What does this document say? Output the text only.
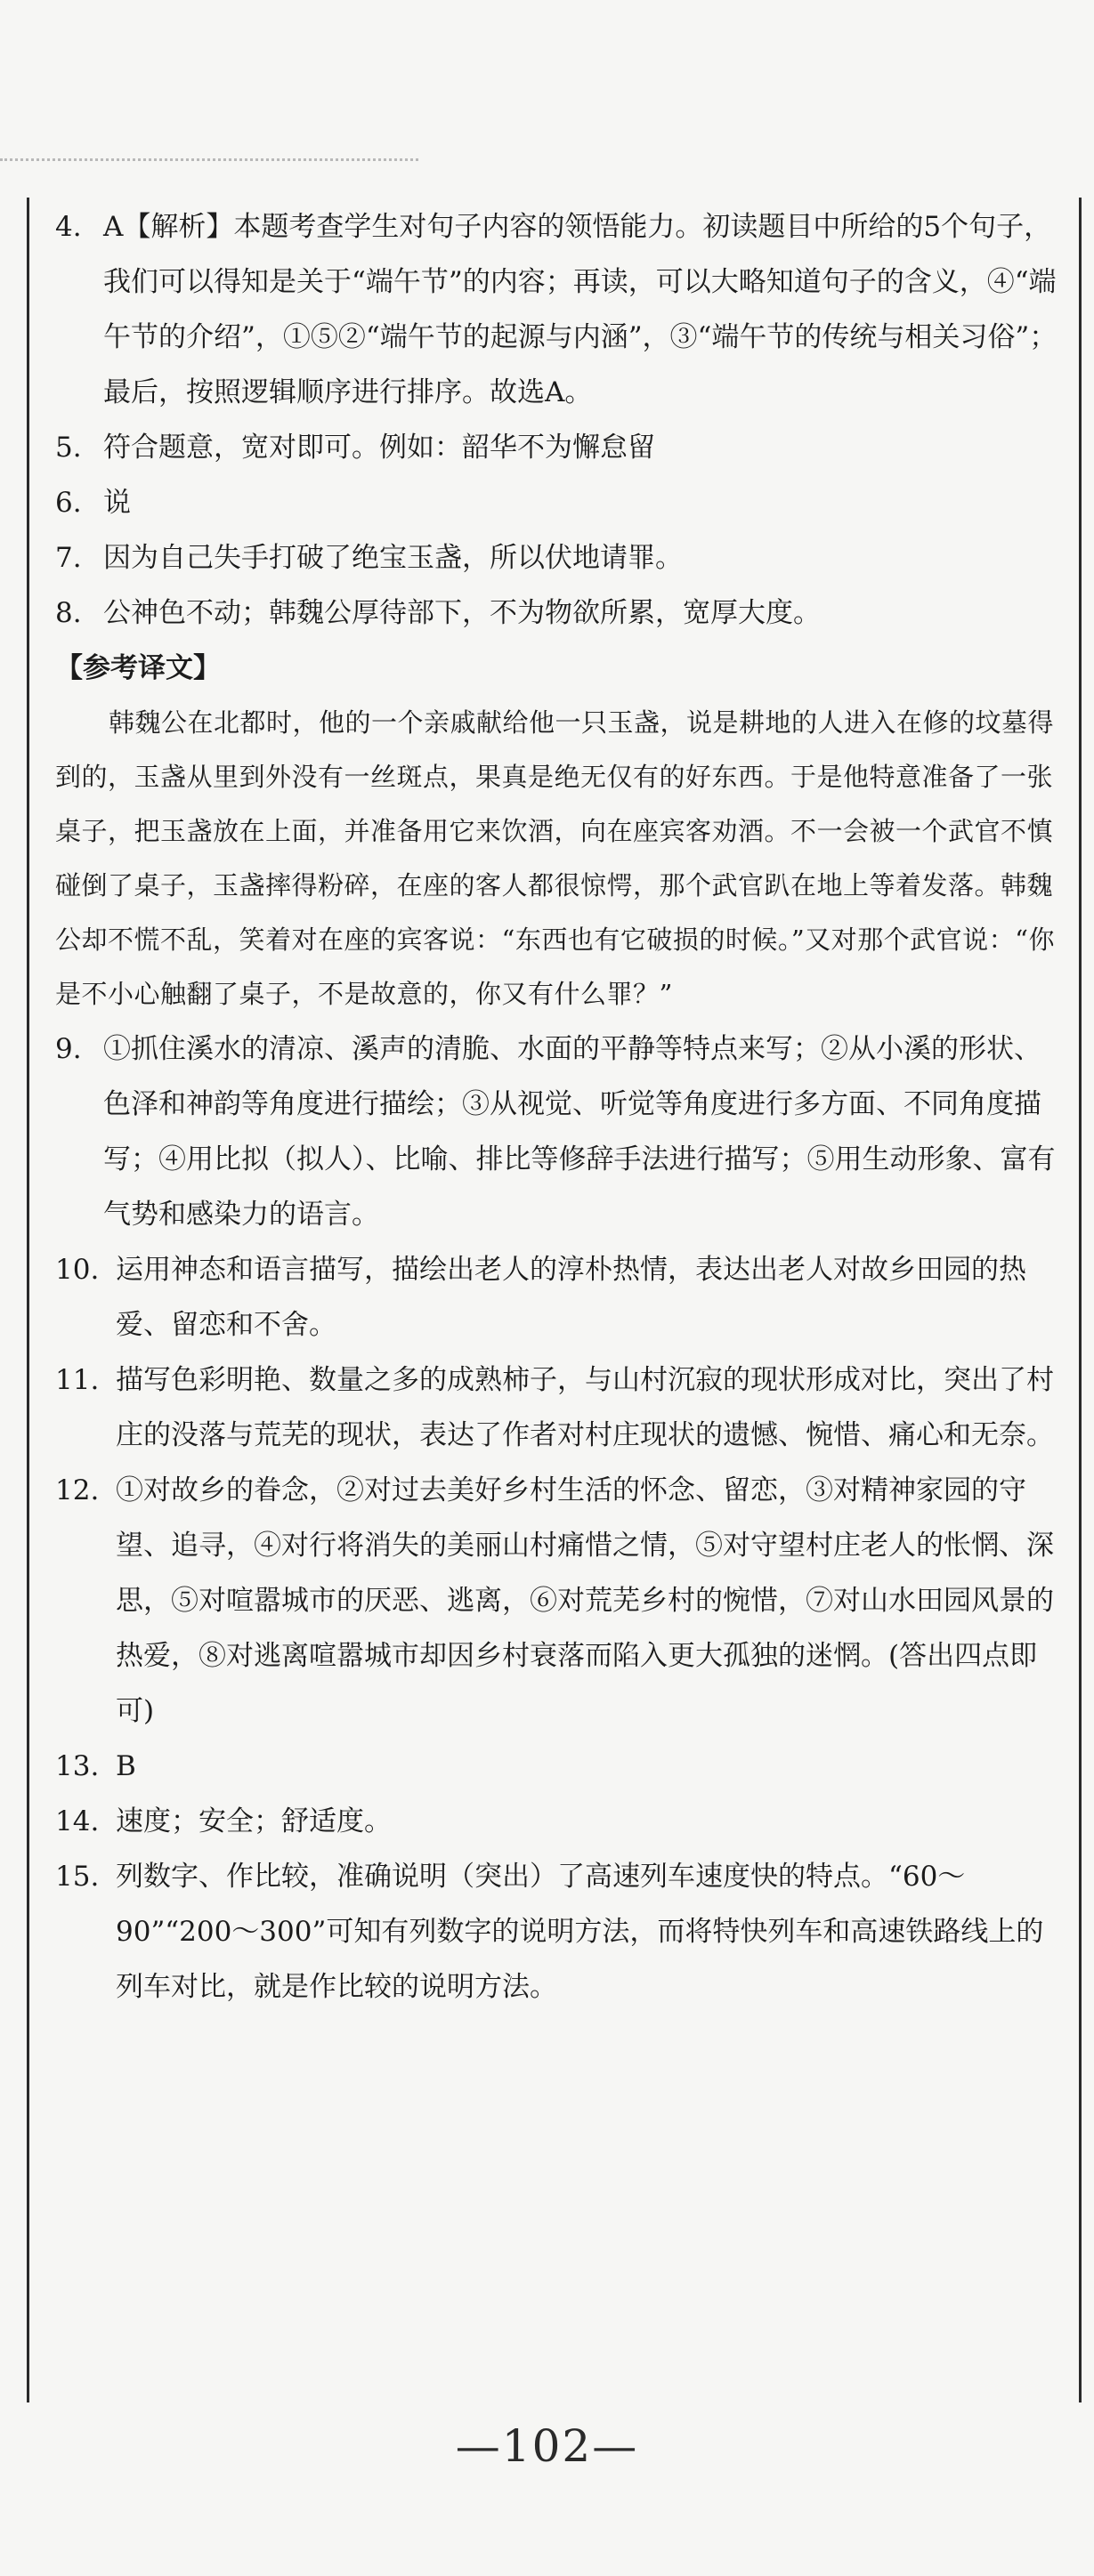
4. A【解析】本题考查学生对句子内容的领悟能力。初读题目中所给的5个句子，我们可以得知是关于“端午节”的内容；再读，可以大略知道句子的含义，④“端午节的介绍”，①⑤②“端午节的起源与内涵”，③“端午节的传统与相关习俗”；最后，按照逻辑顺序进行排序。故选A。
5. 符合题意，宽对即可。例如：韶华不为懈怠留
6. 说
7. 因为自己失手打破了绝宝玉盏，所以伏地请罪。
8. 公神色不动；韩魏公厚待部下，不为物欲所累，宽厚大度。
【参考译文】
韩魏公在北都时，他的一个亲戚献给他一只玉盏，说是耕地的人进入在修的坟墓得到的，玉盏从里到外没有一丝斑点，果真是绝无仅有的好东西。于是他特意准备了一张桌子，把玉盏放在上面，并准备用它来饮酒，向在座宾客劝酒。不一会被一个武官不慎碰倒了桌子，玉盏摔得粉碎，在座的客人都很惊愕，那个武官趴在地上等着发落。韩魏公却不慌不乱，笑着对在座的宾客说：“东西也有它破损的时候。”又对那个武官说：“你是不小心触翻了桌子，不是故意的，你又有什么罪？”
9. ①抓住溪水的清凉、溪声的清脆、水面的平静等特点来写；②从小溪的形状、色泽和神韵等角度进行描绘；③从视觉、听觉等角度进行多方面、不同角度描写；④用比拟（拟人）、比喻、排比等修辞手法进行描写；⑤用生动形象、富有气势和感染力的语言。
10. 运用神态和语言描写，描绘出老人的淳朴热情，表达出老人对故乡田园的热爱、留恋和不舍。
11. 描写色彩明艳、数量之多的成熟柿子，与山村沉寂的现状形成对比，突出了村庄的没落与荒芜的现状，表达了作者对村庄现状的遗憾、惋惜、痛心和无奈。
12. ①对故乡的眷念，②对过去美好乡村生活的怀念、留恋，③对精神家园的守望、追寻，④对行将消失的美丽山村痛惜之情，⑤对守望村庄老人的怅惘、深思，⑤对喧嚣城市的厌恶、逃离，⑥对荒芜乡村的惋惜，⑦对山水田园风景的热爱，⑧对逃离喧嚣城市却因乡村衰落而陷入更大孤独的迷惘。(答出四点即可)
13. B
14. 速度；安全；舒适度。
15. 列数字、作比较，准确说明（突出）了高速列车速度快的特点。“60～90”“200～300”可知有列数字的说明方法，而将特快列车和高速铁路线上的列车对比，就是作比较的说明方法。
—102—
